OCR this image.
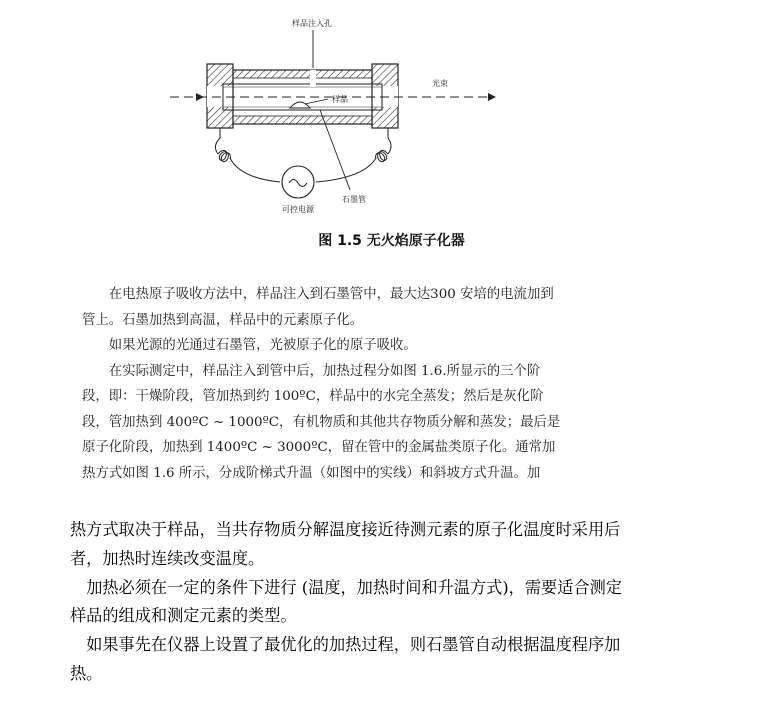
样品注入孔
样品
光束
石墨管
可控电源
图 1.5 无火焰原子化器

在电热原子吸收方法中，样品注入到石墨管中，最大达300 安培的电流加到

管上。石墨加热到高温，样品中的元素原子化。

如果光源的光通过石墨管，光被原子化的原子吸收。

在实际测定中，样品注入到管中后，加热过程分如图 1.6.所显示的三个阶

段，即：干燥阶段，管加热到约 100ºC，样品中的水完全蒸发；然后是灰化阶

段，管加热到 400ºC ~ 1000ºC，有机物质和其他共存物质分解和蒸发；最后是

原子化阶段，加热到 1400ºC ~ 3000ºC，留在管中的金属盐类原子化。通常加

热方式如图 1.6 所示，分成阶梯式升温（如图中的实线）和斜坡方式升温。加

热方式取决于样品，当共存物质分解温度接近待测元素的原子化温度时采用后

者，加热时连续改变温度。

加热必须在一定的条件下进行 (温度，加热时间和升温方式)，需要适合测定

样品的组成和测定元素的类型。

如果事先在仪器上设置了最优化的加热过程，则石墨管自动根据温度程序加

热。
